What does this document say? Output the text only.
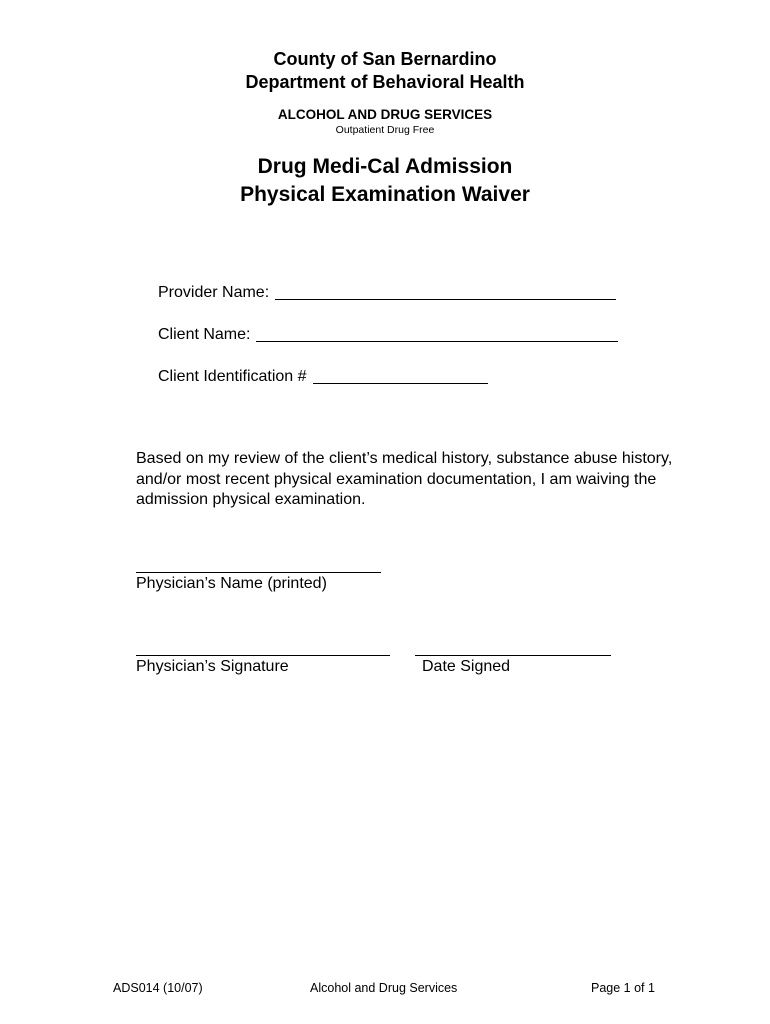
County of San Bernardino
Department of Behavioral Health
ALCOHOL AND DRUG SERVICES
Outpatient Drug Free
Drug Medi-Cal Admission
Physical Examination Waiver
Provider Name:
Client Name:
Client Identification #
Based on my review of the client’s medical history, substance abuse history, and/or most recent physical examination documentation, I am waiving the admission physical examination.
Physician’s Name (printed)
Physician’s Signature	Date Signed
ADS014 (10/07)	Alcohol and Drug Services	Page 1 of 1
